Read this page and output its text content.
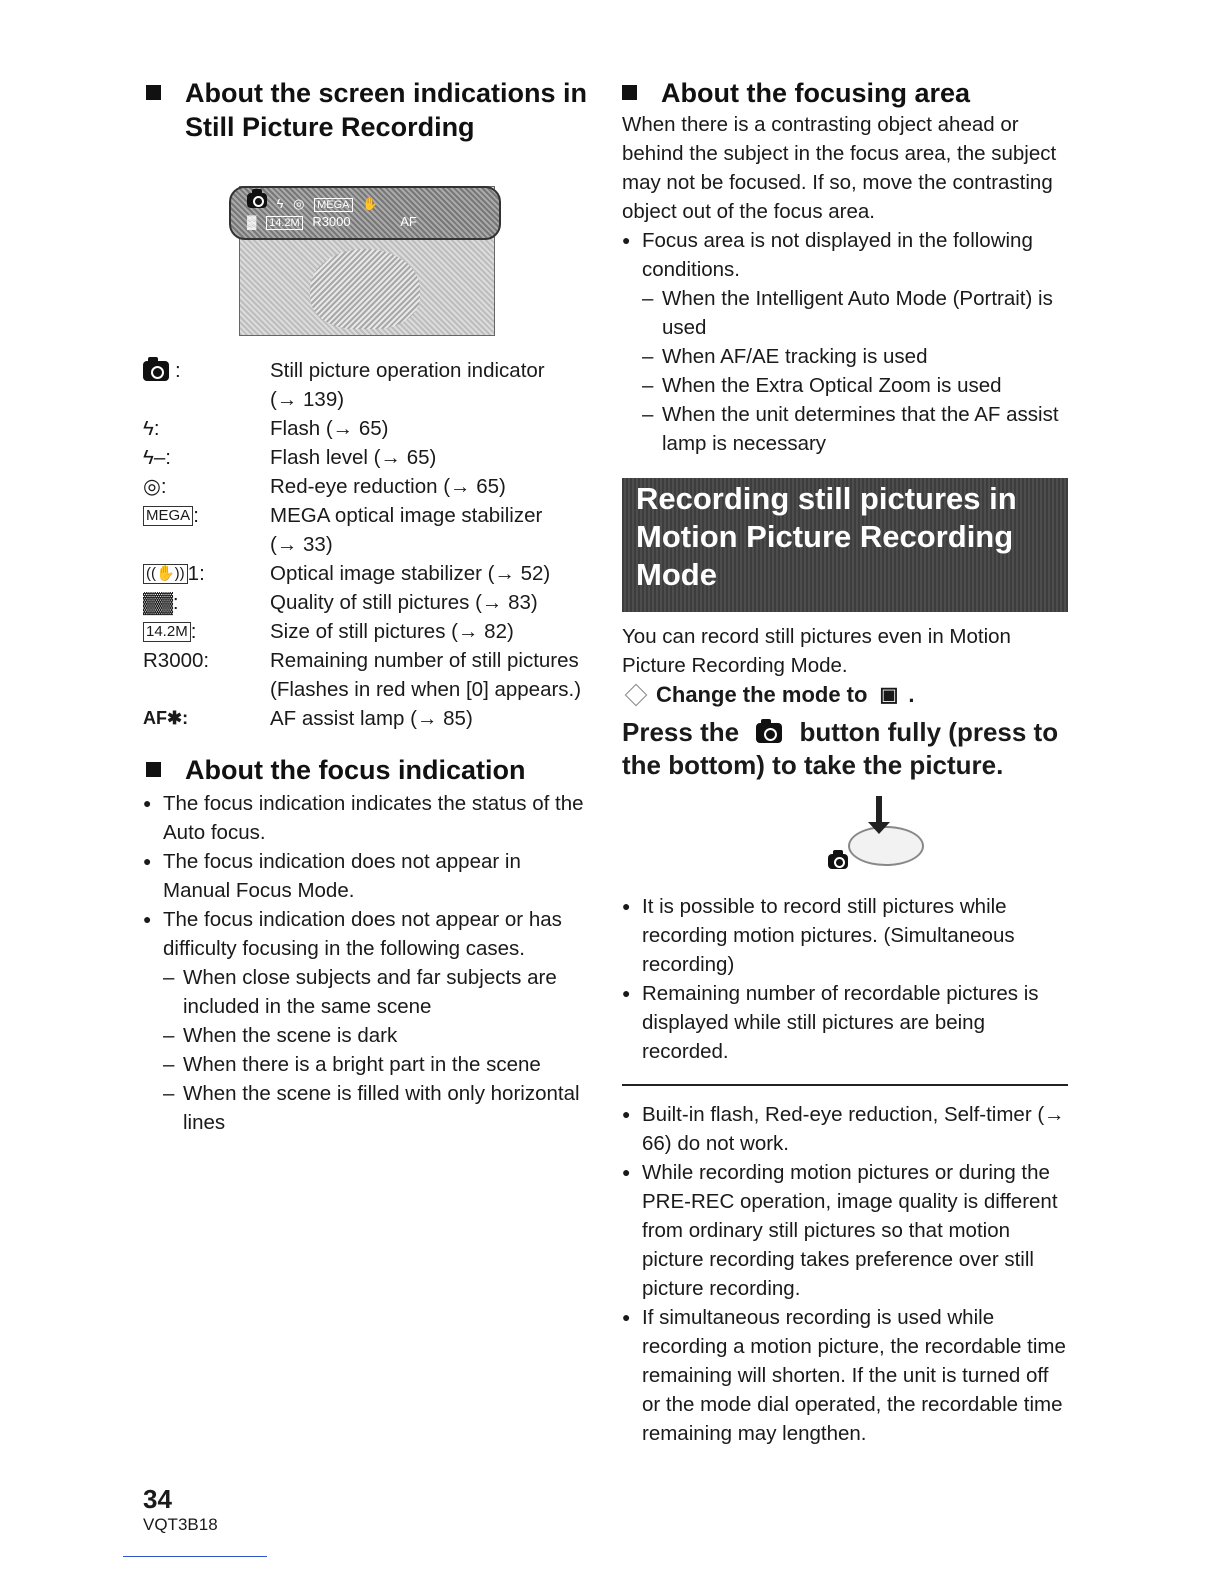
About the screen indications in
Still Picture Recording
ϟ ◎ MEGA ✋
▓ 14.2M R3000	AF
:	Still picture operation indicator
(→ 139)
ϟ:	Flash (→ 65)
ϟ–:	Flash level (→ 65)
◎:	Red-eye reduction (→ 65)
MEGA :	MEGA optical image stabilizer
(→ 33)
((✋)) 1:	Optical image stabilizer (→ 52)
▓▓:	Quality of still pictures (→ 83)
14.2M :	Size of still pictures (→ 82)
R3000:	Remaining number of still pictures
(Flashes in red when [0] appears.)
AF✱:	AF assist lamp (→ 85)
About the focus indication
● The focus indication indicates the status of the Auto focus.
● The focus indication does not appear in Manual Focus Mode.
● The focus indication does not appear or has difficulty focusing in the following cases.
– When close subjects and far subjects are included in the same scene
– When the scene is dark
– When there is a bright part in the scene
– When the scene is filled with only horizontal lines
About the focusing area

When there is a contrasting object ahead or behind the subject in the focus area, the subject may not be focused. If so, move the contrasting object out of the focus area.

● Focus area is not displayed in the following conditions.
– When the Intelligent Auto Mode (Portrait) is used
– When AF/AE tracking is used
– When the Extra Optical Zoom is used
– When the unit determines that the AF assist lamp is necessary
Recording still pictures in Motion Picture Recording Mode

You can record still pictures even in Motion Picture Recording Mode.

Change the mode to ▣ .

Press the button fully (press to the bottom) to take the picture.

● It is possible to record still pictures while recording motion pictures. (Simultaneous recording)
● Remaining number of recordable pictures is displayed while still pictures are being recorded.
● Built-in flash, Red-eye reduction, Self-timer (→ 66) do not work.
● While recording motion pictures or during the PRE-REC operation, image quality is different from ordinary still pictures so that motion picture recording takes preference over still picture recording.
● If simultaneous recording is used while recording a motion picture, the recordable time remaining will shorten. If the unit is turned off or the mode dial operated, the recordable time remaining may lengthen.
34
VQT3B18
